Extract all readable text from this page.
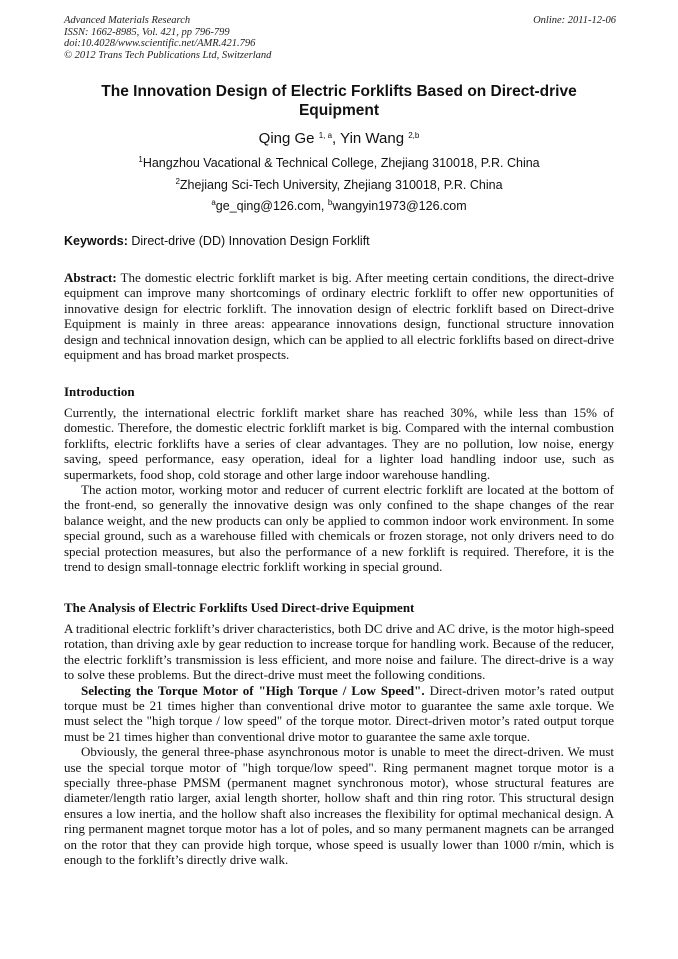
Advanced Materials Research
ISSN: 1662-8985, Vol. 421, pp 796-799
doi:10.4028/www.scientific.net/AMR.421.796
© 2012 Trans Tech Publications Ltd, Switzerland
Online: 2011-12-06
The Innovation Design of Electric Forklifts Based on Direct-drive Equipment
Qing Ge $^{1, a}$, Yin Wang $^{2,b}$
$^1$Hangzhou Vacational & Technical College, Zhejiang 310018, P.R. China
$^2$Zhejiang Sci-Tech University, Zhejiang 310018, P.R. China
$^a$ge_qing@126.com, $^b$wangyin1973@126.com
Keywords: Direct-drive (DD) Innovation Design Forklift

Abstract: The domestic electric forklift market is big. After meeting certain conditions, the direct-drive equipment can improve many shortcomings of ordinary electric forklift to offer new opportunities of innovative design for electric forklift. The innovation design of electric forklift based on Direct-drive Equipment is mainly in three areas: appearance innovations design, functional structure innovation design and technical innovation design, which can be applied to all electric forklifts based on direct-drive equipment and has broad market prospects.

Introduction

Currently, the international electric forklift market share has reached 30%, while less than 15% of domestic. Therefore, the domestic electric forklift market is big. Compared with the internal combustion forklifts, electric forklifts have a series of clear advantages. They are no pollution, low noise, energy saving, speed performance, easy operation, ideal for a lighter load handling indoor use, such as supermarkets, food shop, cold storage and other large indoor warehouse handling.

The action motor, working motor and reducer of current electric forklift are located at the bottom of the front-end, so generally the innovative design was only confined to the shape changes of the rear balance weight, and the new products can only be applied to common indoor work environment. In some special ground, such as a warehouse filled with chemicals or frozen storage, not only drivers need to do special protection measures, but also the performance of a new forklift is required. Therefore, it is the trend to design small-tonnage electric forklift working in special ground.

The Analysis of Electric Forklifts Used Direct-drive Equipment

A traditional electric forklift’s driver characteristics, both DC drive and AC drive, is the motor high-speed rotation, than driving axle by gear reduction to increase torque for handling work. Because of the reducer, the electric forklift’s transmission is less efficient, and more noise and failure. The direct-drive is a way to solve these problems. But the direct-drive must meet the following conditions.

Selecting the Torque Motor of "High Torque / Low Speed". Direct-driven motor’s rated output torque must be 21 times higher than conventional drive motor to guarantee the same axle torque. We must select the "high torque / low speed" of the torque motor. Direct-driven motor’s rated output torque must be 21 times higher than conventional drive motor to guarantee the same axle torque.

Obviously, the general three-phase asynchronous motor is unable to meet the direct-driven. We must use the special torque motor of "high torque/low speed". Ring permanent magnet torque motor is a specially three-phase PMSM (permanent magnet synchronous motor), whose structural features are diameter/length ratio larger, axial length shorter, hollow shaft and thin ring rotor. This structural design ensures a low inertia, and the hollow shaft also increases the flexibility for optimal mechanical design. A ring permanent magnet torque motor has a lot of poles, and so many permanent magnets can be arranged on the rotor that they can provide high torque, whose speed is usually lower than 1000 r/min, which is enough to the forklift’s directly drive walk.
